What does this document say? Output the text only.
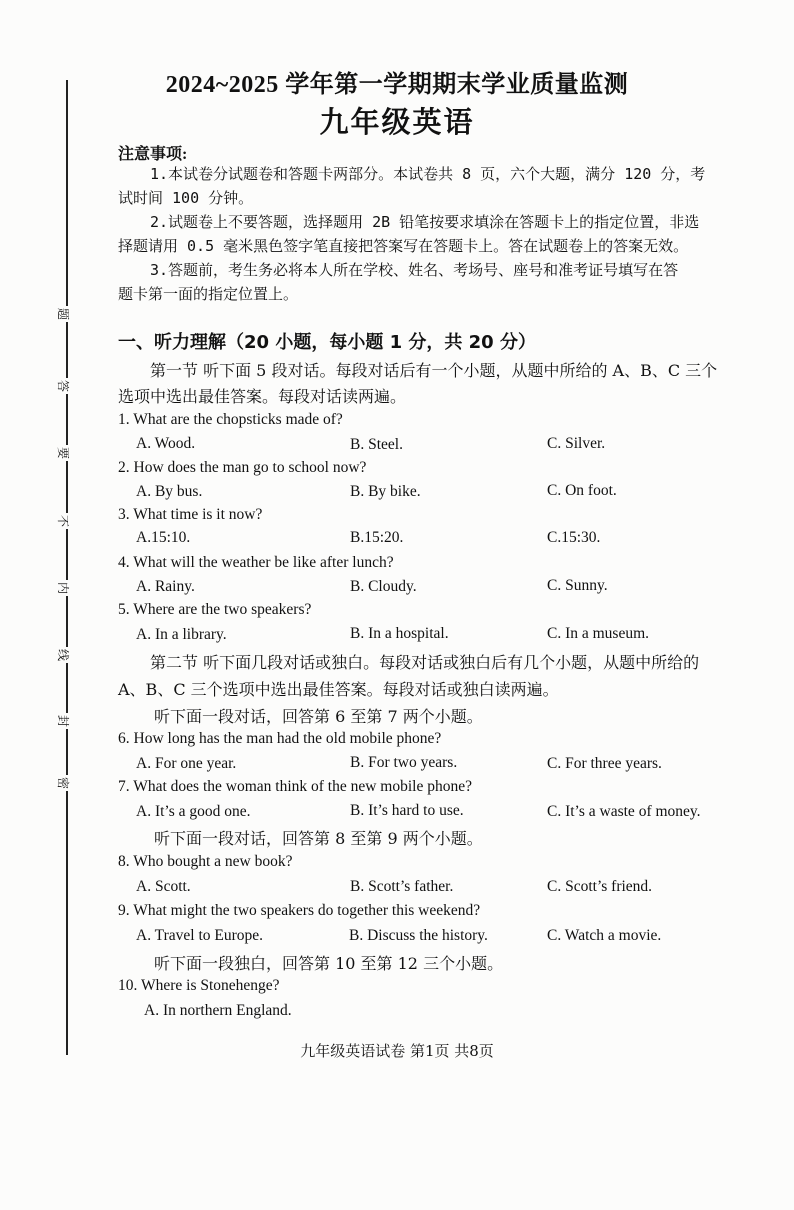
题
答
要
不
内
线
封
密
2024~2025 学年第一学期期末学业质量监测
九年级英语
注意事项:
1.本试卷分试题卷和答题卡两部分。本试卷共 8 页，六个大题，满分 120 分，考
试时间 100 分钟。
2.试题卷上不要答题，选择题用 2B 铅笔按要求填涂在答题卡上的指定位置，非选
择题请用 0.5 毫米黑色签字笔直接把答案写在答题卡上。答在试题卷上的答案无效。
3.答题前，考生务必将本人所在学校、姓名、考场号、座号和准考证号填写在答
题卡第一面的指定位置上。
一、听力理解（20 小题，每小题 1 分，共 20 分）
第一节 听下面 5 段对话。每段对话后有一个小题，从题中所给的 A、B、C 三个
选项中选出最佳答案。每段对话读两遍。
1. What are the chopsticks made of?
A. Wood.	B. Steel.	C. Silver.
2. How does the man go to school now?
A. By bus.	B. By bike.	C. On foot.
3. What time is it now?
A.15:10.	B.15:20.	C.15:30.
4. What will the weather be like after lunch?
A. Rainy.	B. Cloudy.	C. Sunny.
5. Where are the two speakers?
A. In a library.	B. In a hospital.	C. In a museum.
第二节 听下面几段对话或独白。每段对话或独白后有几个小题，从题中所给的
A、B、C 三个选项中选出最佳答案。每段对话或独白读两遍。
听下面一段对话，回答第 6 至第 7 两个小题。
6. How long has the man had the old mobile phone?
A. For one year.	B. For two years.	C. For three years.
7. What does the woman think of the new mobile phone?
A. It’s a good one.	B. It’s hard to use.	C. It’s a waste of money.
听下面一段对话，回答第 8 至第 9 两个小题。
8. Who bought a new book?
A. Scott.	B. Scott’s father.	C. Scott’s friend.
9. What might the two speakers do together this weekend?
A. Travel to Europe.	B. Discuss the history.	C. Watch a movie.
听下面一段独白，回答第 10 至第 12 三个小题。
10. Where is Stonehenge?
A. In northern England.
九年级英语试卷 第1页 共8页
